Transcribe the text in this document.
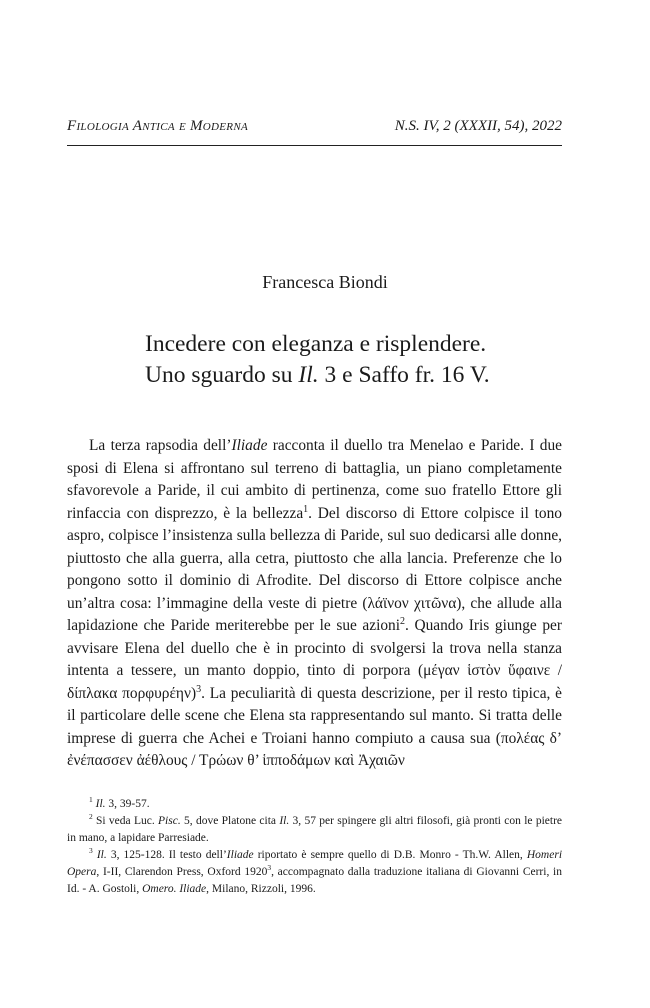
Filologia Antica e Moderna	N.S. IV, 2 (XXXII, 54), 2022
Francesca Biondi
Incedere con eleganza e risplendere.
Uno sguardo su Il. 3 e Saffo fr. 16 V.

La terza rapsodia dell’Iliade racconta il duello tra Menelao e Paride. I due sposi di Elena si affrontano sul terreno di battaglia, un piano completamente sfavorevole a Paride, il cui ambito di pertinenza, come suo fratello Ettore gli rinfaccia con disprezzo, è la bellezza$^1$. Del discorso di Ettore colpisce il tono aspro, colpisce l’insistenza sulla bellezza di Paride, sul suo dedicarsi alle donne, piuttosto che alla guerra, alla cetra, piuttosto che alla lancia. Preferenze che lo pongono sotto il dominio di Afrodite. Del discorso di Ettore colpisce anche un’altra cosa: l’immagine della veste di pietre (λάϊνον χιτῶνα), che allude alla lapidazione che Paride meriterebbe per le sue azioni$^2$. Quando Iris giunge per avvisare Elena del duello che è in procinto di svolgersi la trova nella stanza intenta a tessere, un manto doppio, tinto di porpora (μέγαν ἱστὸν ὕφαινε / δίπλακα πορφυρέην)$^3$. La peculiarità di questa descrizione, per il resto tipica, è il particolare delle scene che Elena sta rappresentando sul manto. Si tratta delle imprese di guerra che Achei e Troiani hanno compiuto a causa sua (πολέας δ’ ἐνέπασσεν ἀέθλους / Τρώων θ’ ἱπποδάμων καὶ Ἀχαιῶν

$^1$ Il. 3, 39-57.

$^2$ Si veda Luc. Pisc. 5, dove Platone cita Il. 3, 57 per spingere gli altri filosofi, già pronti con le pietre in mano, a lapidare Parresiade.

$^3$ Il. 3, 125-128. Il testo dell’Iliade riportato è sempre quello di D.B. Monro - Th.W. Allen, Homeri Opera, I-II, Clarendon Press, Oxford 1920$^3$, accompagnato dalla traduzione italiana di Giovanni Cerri, in Id. - A. Gostoli, Omero. Iliade, Milano, Rizzoli, 1996.
